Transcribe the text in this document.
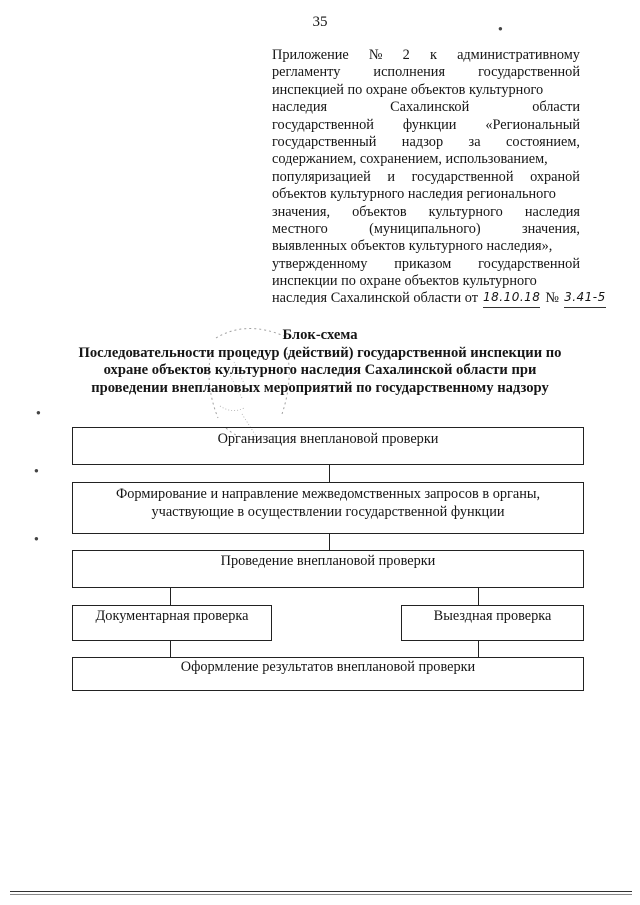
35	●
Приложение № 2 к административному
регламенту исполнения государственной
инспекцией по охране объектов культурного
наследия	Сахалинской	области
государственной функции «Региональный
государственный надзор за состоянием,
содержанием, сохранением, использованием,
популяризацией и государственной охраной
объектов культурного наследия регионального
значения, объектов культурного наследия
местного	(муниципального)	значения,
выявленных объектов культурного наследия»,
утвержденному приказом государственной
инспекции по охране объектов культурного
наследия Сахалинской области от 18.10.18 № 3.41-5
Блок-схема
Последовательности процедур (действий) государственной инспекции по
охране объектов культурного наследия Сахалинской области при
проведении внеплановых мероприятий по государственному надзору
●
●
●
Организация внеплановой проверки
Формирование и направление межведомственных запросов в органы,
участвующие в осуществлении государственной функции
Проведение внеплановой проверки
Документарная проверка	Выездная проверка
Оформление результатов внеплановой проверки
